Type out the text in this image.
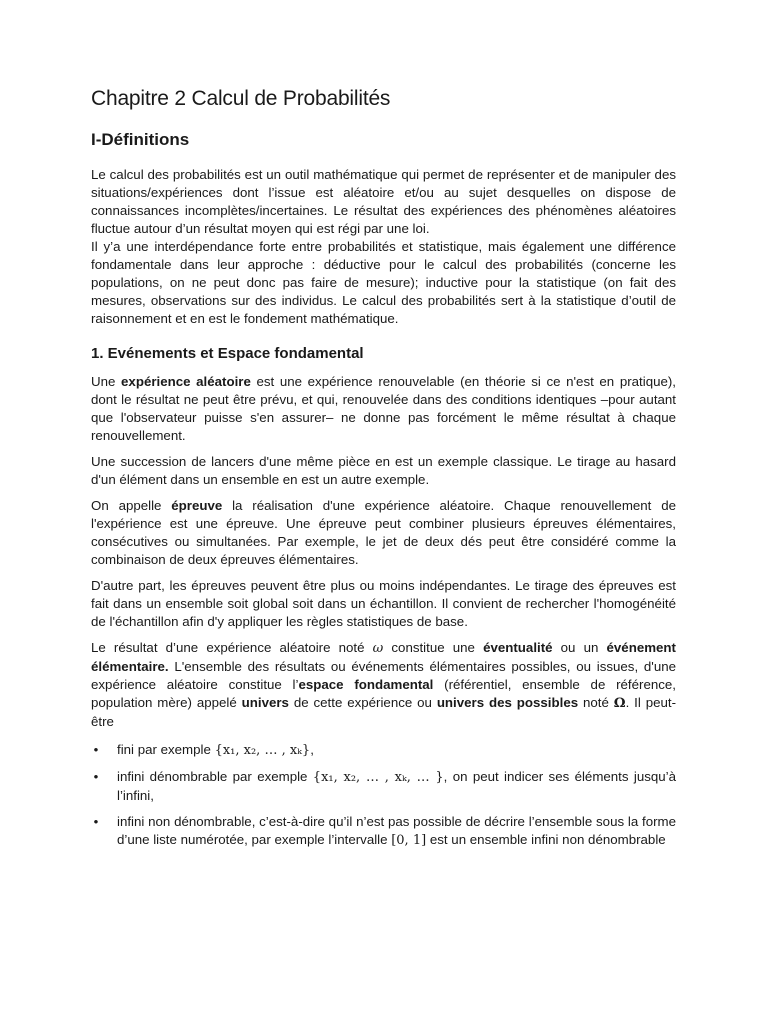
Chapitre 2 Calcul de Probabilités
I-Définitions

Le calcul des probabilités est un outil mathématique qui permet de représenter et de manipuler des situations/expériences dont l’issue est aléatoire et/ou au sujet desquelles on dispose de connaissances incomplètes/incertaines. Le résultat des expériences des phénomènes aléatoires fluctue autour d’un résultat moyen qui est régi par une loi.

Il y’a une interdépendance forte entre probabilités et statistique, mais également une différence fondamentale dans leur approche : déductive pour le calcul des probabilités (concerne les populations, on ne peut donc pas faire de mesure); inductive pour la statistique (on fait des mesures, observations sur des individus. Le calcul des probabilités sert à la statistique d’outil de raisonnement et en est le fondement mathématique.

1. Evénements et Espace fondamental

Une expérience aléatoire est une expérience renouvelable (en théorie si ce n'est en pratique), dont le résultat ne peut être prévu, et qui, renouvelée dans des conditions identiques –pour autant que l'observateur puisse s'en assurer– ne donne pas forcément le même résultat à chaque renouvellement.

Une succession de lancers d'une même pièce en est un exemple classique. Le tirage au hasard d'un élément dans un ensemble en est un autre exemple.

On appelle épreuve la réalisation d'une expérience aléatoire. Chaque renouvellement de l'expérience est une épreuve. Une épreuve peut combiner plusieurs épreuves élémentaires, consécutives ou simultanées. Par exemple, le jet de deux dés peut être considéré comme la combinaison de deux épreuves élémentaires.

D'autre part, les épreuves peuvent être plus ou moins indépendantes. Le tirage des épreuves est fait dans un ensemble soit global soit dans un échantillon. Il convient de rechercher l'homogénéité de l'échantillon afin d'y appliquer les règles statistiques de base.

Le résultat d’une expérience aléatoire noté ω constitue une éventualité ou un événement élémentaire. L'ensemble des résultats ou événements élémentaires possibles, ou issues, d'une expérience aléatoire constitue l’espace fondamental (référentiel, ensemble de référence, population mère) appelé univers de cette expérience ou univers des possibles noté Ω. Il peut-être

• fini par exemple {x₁, x₂, … , xₖ},
• infini dénombrable par exemple {x₁, x₂, … , xₖ, … }, on peut indicer ses éléments jusqu’à l’infini,
• infini non dénombrable, c’est-à-dire qu’il n’est pas possible de décrire l’ensemble sous la forme d’une liste numérotée, par exemple l’intervalle [0, 1] est un ensemble infini non dénombrable
